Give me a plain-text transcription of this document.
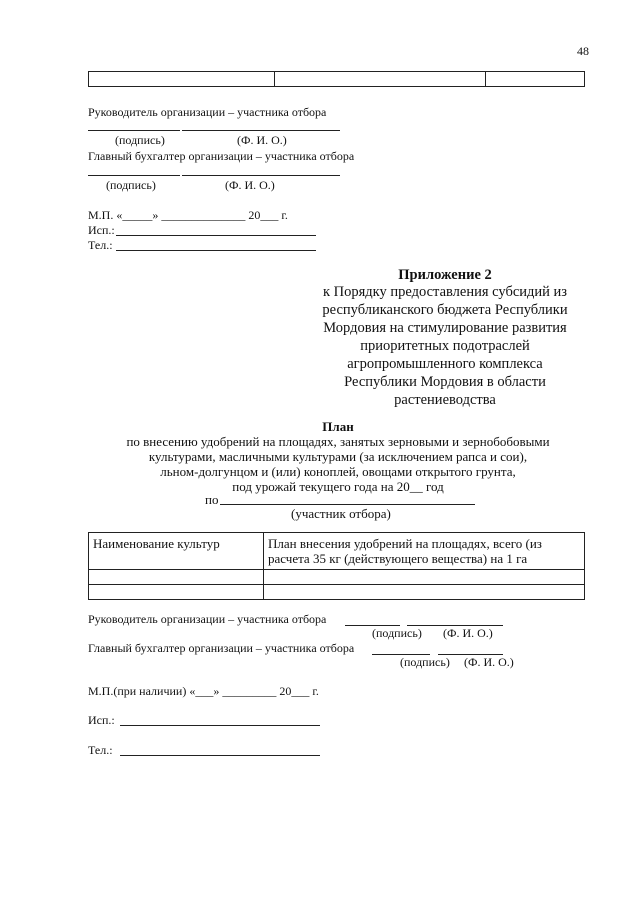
48

Руководитель организации – участника отбора
(подпись)	(Ф. И. О.)
Главный бухгалтер организации – участника отбора
(подпись)	(Ф. И. О.)
М.П. «_____» ______________ 20___ г.
Исп.:
Тел.:
Приложение 2
к Порядку предоставления субсидий из
республиканского бюджета Республики
Мордовия на стимулирование развития
приоритетных подотраслей
агропромышленного комплекса
Республики Мордовия в области
растениеводства
План
по внесению удобрений на площадях, занятых зерновыми и зернобобовыми
культурами, масличными культурами (за исключением рапса и сои),
льном-долгунцом и (или) коноплей, овощами открытого грунта,
под урожай текущего года на 20__ год
по
(участник отбора)
Наименование культур	План внесения удобрений на площадях, всего (из
расчета 35 кг (действующего вещества) на 1 га

Руководитель организации – участника отбора
(подпись) (Ф. И. О.)
Главный бухгалтер организации – участника отбора
(подпись) (Ф. И. О.)
М.П.(при наличии) «___» _________ 20___ г.
Исп.:
Тел.:
